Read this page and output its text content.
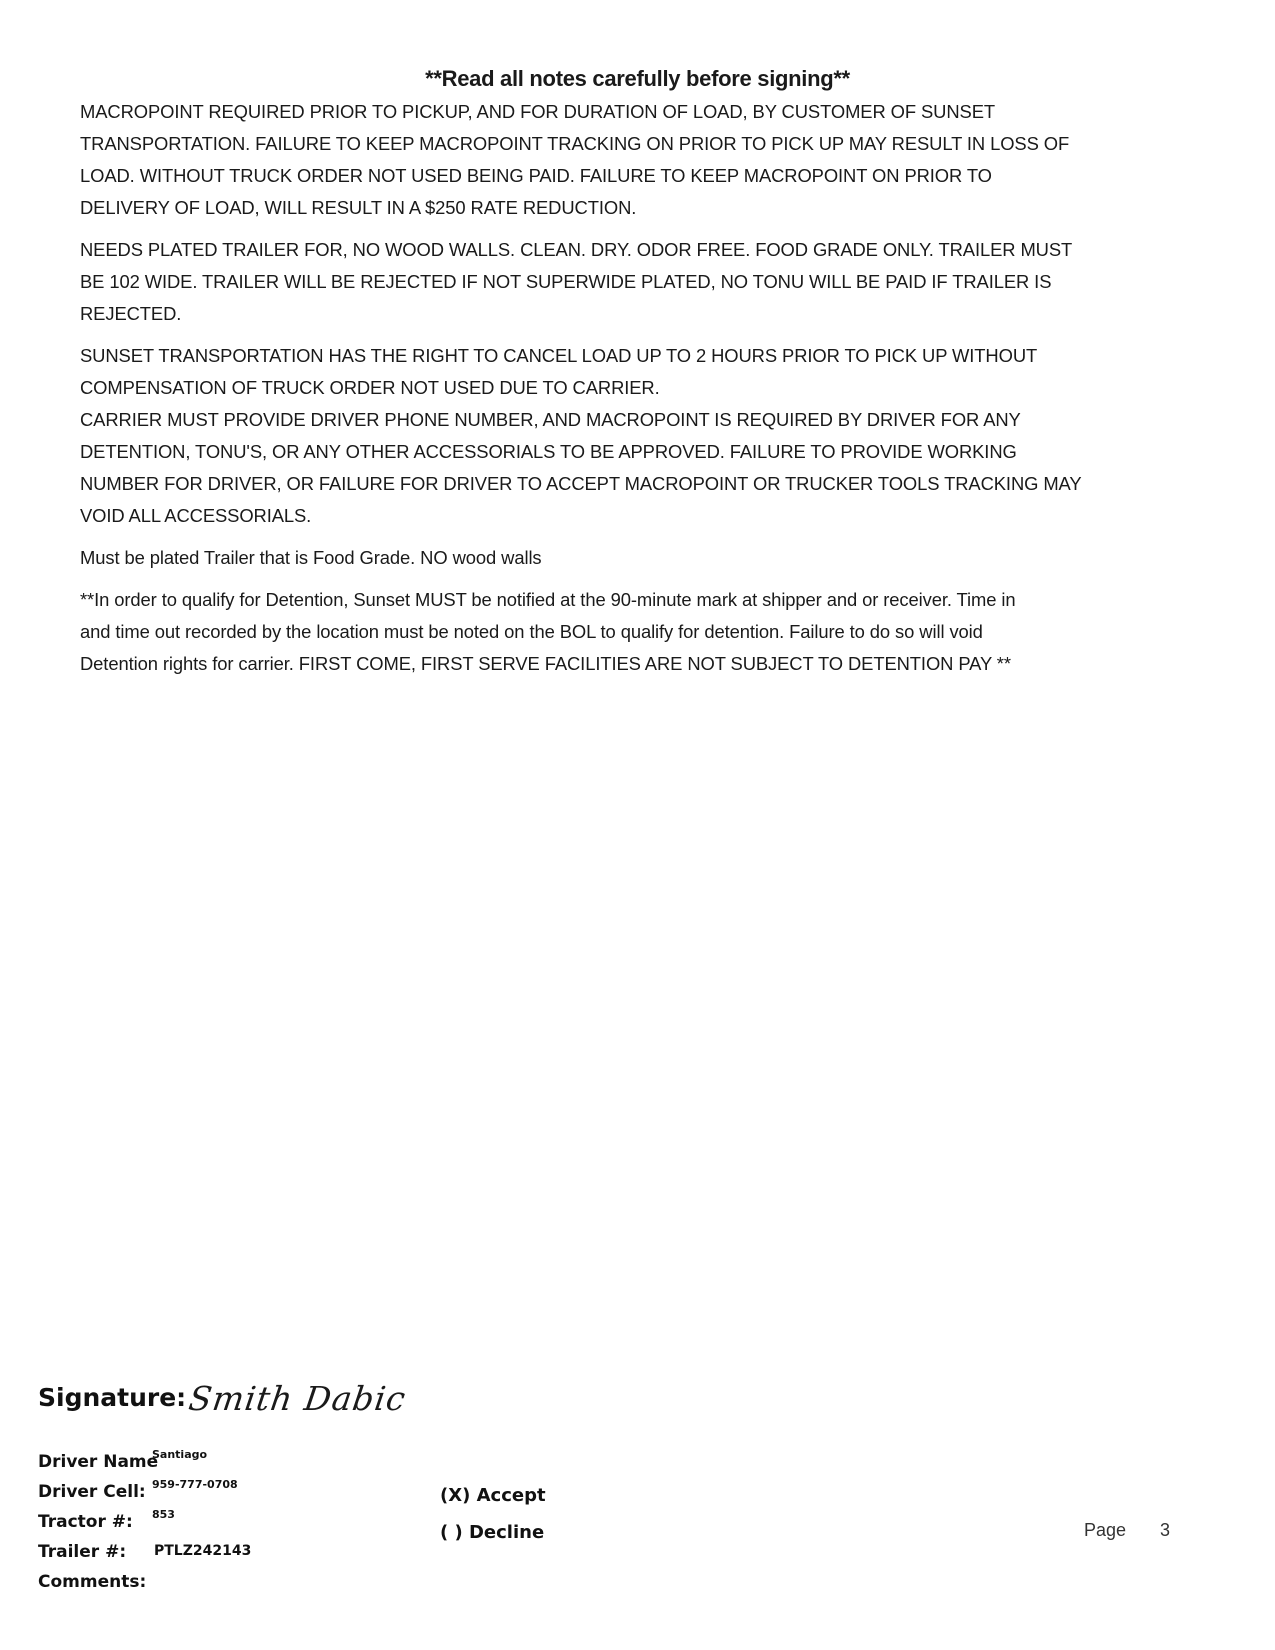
**Read all notes carefully before signing**

MACROPOINT REQUIRED PRIOR TO PICKUP, AND FOR DURATION OF LOAD, BY CUSTOMER OF SUNSET
TRANSPORTATION. FAILURE TO KEEP MACROPOINT TRACKING ON PRIOR TO PICK UP MAY RESULT IN LOSS OF
LOAD. WITHOUT TRUCK ORDER NOT USED BEING PAID. FAILURE TO KEEP MACROPOINT ON PRIOR TO
DELIVERY OF LOAD, WILL RESULT IN A $250 RATE REDUCTION.

NEEDS PLATED TRAILER FOR, NO WOOD WALLS. CLEAN. DRY. ODOR FREE. FOOD GRADE ONLY. TRAILER MUST
BE 102 WIDE. TRAILER WILL BE REJECTED IF NOT SUPERWIDE PLATED, NO TONU WILL BE PAID IF TRAILER IS
REJECTED.

SUNSET TRANSPORTATION HAS THE RIGHT TO CANCEL LOAD UP TO 2 HOURS PRIOR TO PICK UP WITHOUT
COMPENSATION OF TRUCK ORDER NOT USED DUE TO CARRIER.
CARRIER MUST PROVIDE DRIVER PHONE NUMBER, AND MACROPOINT IS REQUIRED BY DRIVER FOR ANY
DETENTION, TONU'S, OR ANY OTHER ACCESSORIALS TO BE APPROVED. FAILURE TO PROVIDE WORKING
NUMBER FOR DRIVER, OR FAILURE FOR DRIVER TO ACCEPT MACROPOINT OR TRUCKER TOOLS TRACKING MAY
VOID ALL ACCESSORIALS.

Must be plated Trailer that is Food Grade. NO wood walls

**In order to qualify for Detention, Sunset MUST be notified at the 90-minute mark at shipper and or receiver. Time in
and time out recorded by the location must be noted on the BOL to qualify for detention. Failure to do so will void
Detention rights for carrier. FIRST COME, FIRST SERVE FACILITIES ARE NOT SUBJECT TO DETENTION PAY **

Signature: Smith Dabic
Driver Name
Santiago
Driver Cell: 959-777-0708
Tractor #: 853
Trailer #: PTLZ242143
Comments:
(X) Accept
( ) Decline	Page 3
